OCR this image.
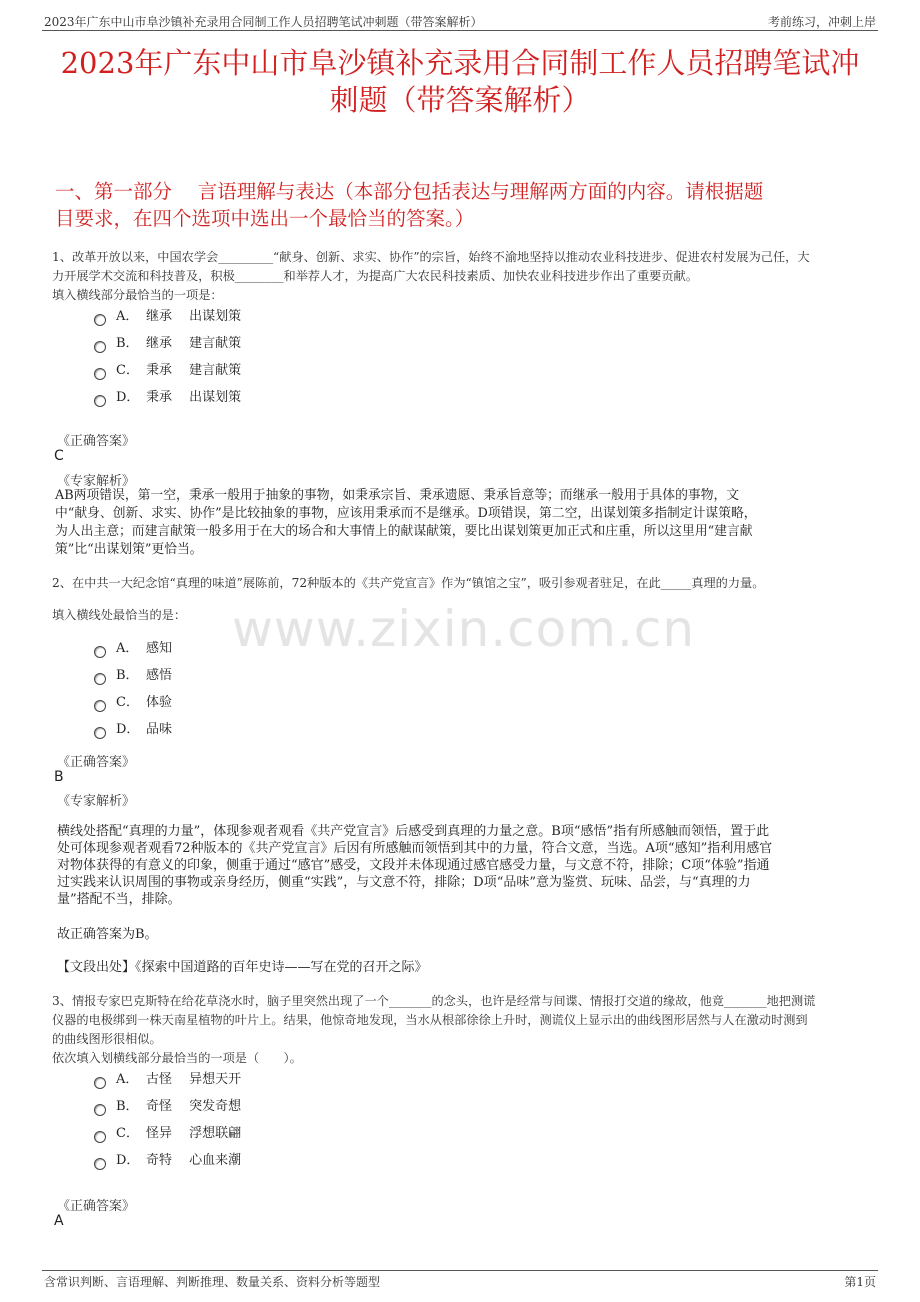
2023年广东中山市阜沙镇补充录用合同制工作人员招聘笔试冲刺题（带答案解析）	考前练习，冲刺上岸
www.zixin.com.cn
2023年广东中山市阜沙镇补充录用合同制工作人员招聘笔试冲
刺题（带答案解析）
一、第一部分　 言语理解与表达（本部分包括表达与理解两方面的内容。请根据题
目要求，在四个选项中选出一个最恰当的答案。）
1、改革开放以来，中国农学会_________“献身、创新、求实、协作”的宗旨，始终不渝地坚持以推动农业科技进步、促进农村发展为己任，大
力开展学术交流和科技普及，积极________和举荐人才，为提高广大农民科技素质、加快农业科技进步作出了重要贡献。
填入横线部分最恰当的一项是：
A． 继承　 出谋划策
B． 继承　 建言献策
C． 秉承　 建言献策
D． 秉承　 出谋划策
《正确答案》
C
《专家解析》
AB两项错误，第一空，秉承一般用于抽象的事物，如秉承宗旨、秉承遗愿、秉承旨意等；而继承一般用于具体的事物，文
中“献身、创新、求实、协作”是比较抽象的事物，应该用秉承而不是继承。D项错误，第二空，出谋划策多指制定计谋策略，
为人出主意；而建言献策一般多用于在大的场合和大事情上的献谋献策，要比出谋划策更加正式和庄重，所以这里用“建言献
策”比“出谋划策”更恰当。
2、在中共一大纪念馆“真理的味道”展陈前，72种版本的《共产党宣言》作为“镇馆之宝”，吸引参观者驻足，在此_____真理的力量。
填入横线处最恰当的是：
A． 感知
B． 感悟
C． 体验
D． 品味
《正确答案》
B
《专家解析》
横线处搭配“真理的力量”，体现参观者观看《共产党宣言》后感受到真理的力量之意。B项“感悟”指有所感触而领悟，置于此
处可体现参观者观看72种版本的《共产党宣言》后因有所感触而领悟到其中的力量，符合文意，当选。A项“感知”指利用感官
对物体获得的有意义的印象，侧重于通过“感官”感受，文段并未体现通过感官感受力量，与文意不符，排除；C项“体验”指通
过实践来认识周围的事物或亲身经历，侧重“实践”，与文意不符，排除；D项“品味”意为鉴赏、玩味、品尝，与“真理的力
量”搭配不当，排除。
故正确答案为B。
【文段出处】《探索中国道路的百年史诗——写在党的召开之际》
3、情报专家巴克斯特在给花草浇水时，脑子里突然出现了一个_______的念头，也许是经常与间谍、情报打交道的缘故，他竟_______地把测谎
仪器的电极绑到一株天南星植物的叶片上。结果，他惊奇地发现，当水从根部徐徐上升时，测谎仪上显示出的曲线图形居然与人在激动时测到
的曲线图形很相似。
依次填入划横线部分最恰当的一项是（　　）。
A． 古怪　 异想天开
B． 奇怪　 突发奇想
C． 怪异　 浮想联翩
D． 奇特　 心血来潮
《正确答案》
A
含常识判断、言语理解、判断推理、数量关系、资料分析等题型	第1页
